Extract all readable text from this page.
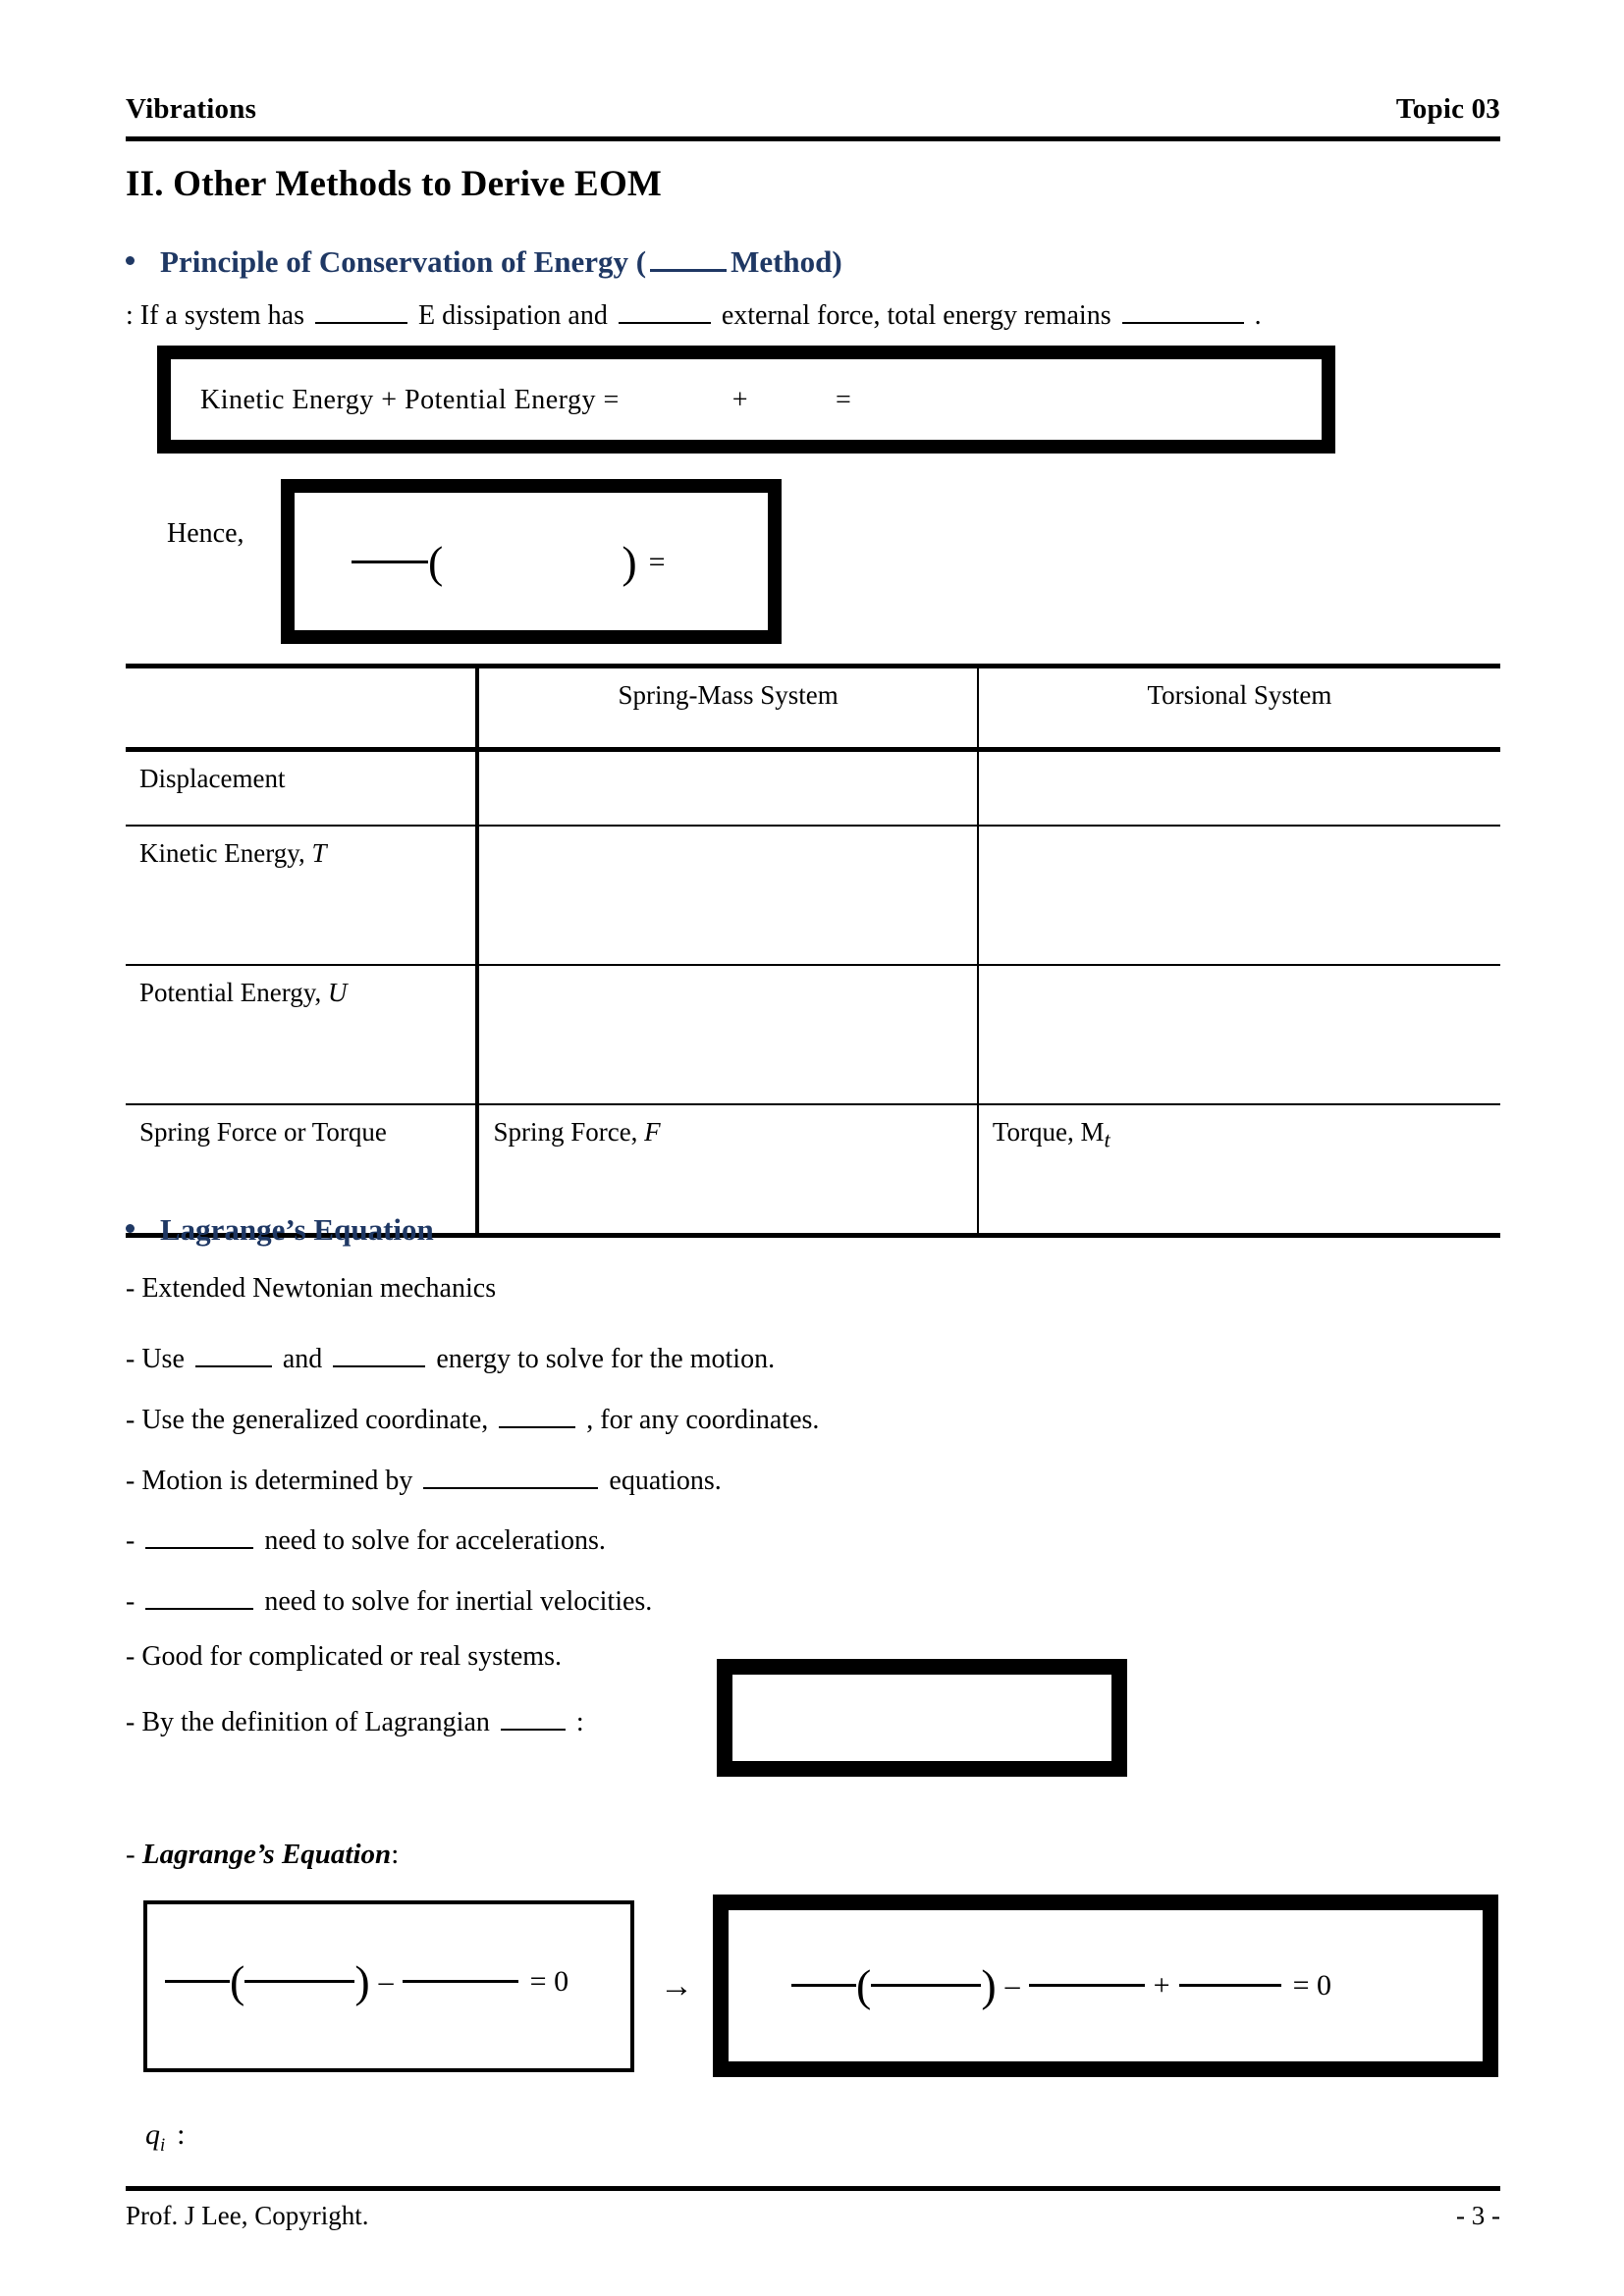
Vibrations	Topic 03
II. Other Methods to Derive EOM
Principle of Conservation of Energy (	Method)
: If a system has	E dissipation and	external force, total energy remains	.
Kinetic Energy + Potential Energy =	+	=
Hence,
(	) =
	Spring-Mass System	Torsional System
Displacement		
Kinetic Energy, T		
Potential Energy, U		
Spring Force or Torque	Spring Force, F	Torque, $M_t$
Lagrange’s Equation
- Extended Newtonian mechanics
- Use	and	energy to solve for the motion.
- Use the generalized coordinate,	, for any coordinates.
- Motion is determined by	equations.
-	need to solve for accelerations.
-	need to solve for inertial velocities.
- Good for complicated or real systems.
- By the definition of Lagrangian	:
- Lagrange’s Equation:
( ) –	= 0	→	( ) –	+	= 0
$q_i$ :
Prof. J Lee, Copyright.	- 3 -
